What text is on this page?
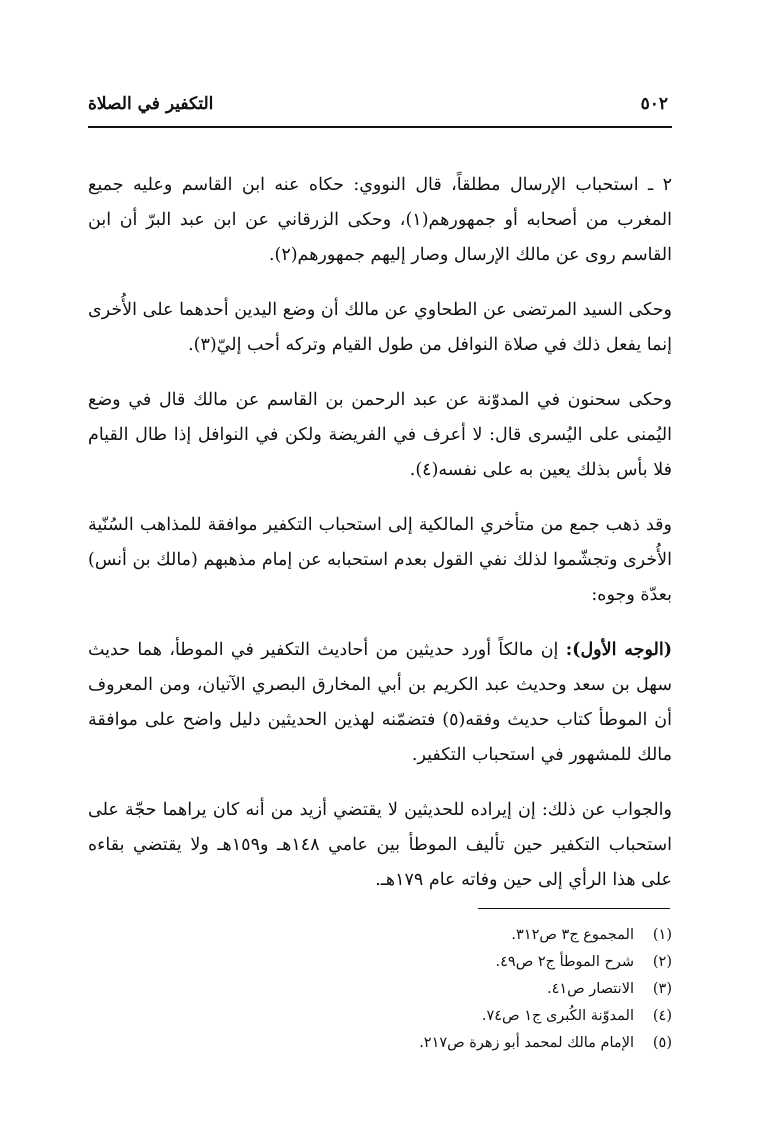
٥٠٢
التكفير في الصلاة

٢ ـ استحباب الإرسال مطلقاً، قال النووي: حكاه عنه ابن القاسم وعليه جميع المغرب من أصحابه أو جمهورهم(١)، وحكى الزرقاني عن ابن عبد البرّ أن ابن القاسم روى عن مالك الإرسال وصار إليهم جمهورهم(٢).

وحكى السيد المرتضى عن الطحاوي عن مالك أن وضع اليدين أحدهما على الأُخرى إنما يفعل ذلك في صلاة النوافل من طول القيام وتركه أحب إليّ(٣).

وحكى سحنون في المدوّنة عن عبد الرحمن بن القاسم عن مالك قال في وضع اليُمنى على اليُسرى قال: لا أعرف في الفريضة ولكن في النوافل إذا طال القيام فلا بأس بذلك يعين به على نفسه(٤).

وقد ذهب جمع من متأخري المالكية إلى استحباب التكفير موافقة للمذاهب السُنّية الأُخرى وتجشّموا لذلك نفي القول بعدم استحبابه عن إمام مذهبهم (مالك بن أنس) بعدّة وجوه:

(الوجه الأول): إن مالكاً أورد حديثين من أحاديث التكفير في الموطأ، هما حديث سهل بن سعد وحديث عبد الكريم بن أبي المخارق البصري الآتيان، ومن المعروف أن الموطأ كتاب حديث وفقه(٥) فتضمّنه لهذين الحديثين دليل واضح على موافقة مالك للمشهور في استحباب التكفير.

والجواب عن ذلك: إن إيراده للحديثين لا يقتضي أزيد من أنه كان يراهما حجّة على استحباب التكفير حين تأليف الموطأ بين عامي ١٤٨هـ و١٥٩هـ ولا يقتضي بقاءه على هذا الرأي إلى حين وفاته عام ١٧٩هـ.

(١)المجموع ج٣ ص٣١٢.
(٢)شرح الموطأ ج٢ ص٤٩.
(٣)الانتصار ص٤١.
(٤)المدوّنة الكُبرى ج١ ص٧٤.
(٥)الإمام مالك لمحمد أبو زهرة ص٢١٧.
